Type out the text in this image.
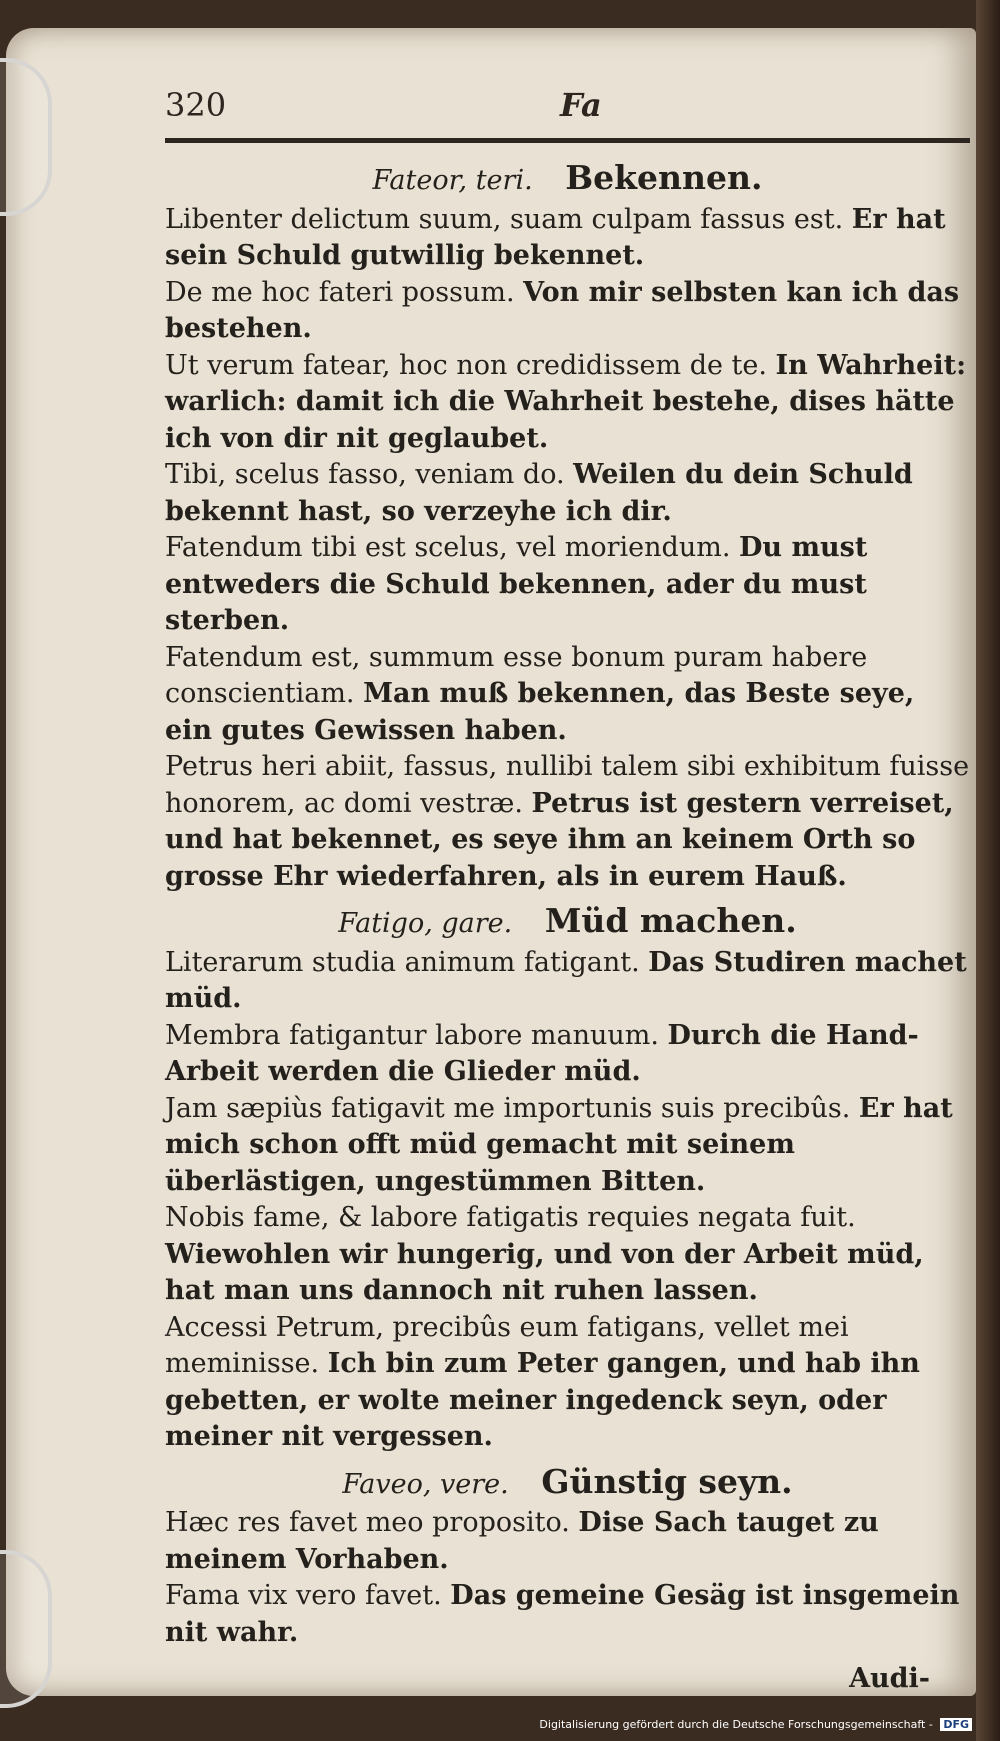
320	Fa
Fateor, teri. Bekennen.

Libenter delictum suum, suam culpam fassus est. Er hat sein Schuld gutwillig bekennet.

De me hoc fateri possum. Von mir selbsten kan ich das bestehen.

Ut verum fatear, hoc non credidissem de te. In Wahrheit: warlich: damit ich die Wahrheit bestehe, dises hätte ich von dir nit geglaubet.

Tibi, scelus fasso, veniam do. Weilen du dein Schuld bekennt hast, so verzeyhe ich dir.

Fatendum tibi est scelus, vel moriendum. Du must entweders die Schuld bekennen, ader du must sterben.

Fatendum est, summum esse bonum puram habere conscientiam. Man muß bekennen, das Beste seye, ein gutes Gewissen haben.

Petrus heri abiit, fassus, nullibi talem sibi exhibitum fuisse honorem, ac domi vestræ. Petrus ist gestern verreiset, und hat bekennet, es seye ihm an keinem Orth so grosse Ehr wiederfahren, als in eurem Hauß.

Fatigo, gare. Müd machen.

Literarum studia animum fatigant. Das Studiren machet müd.

Membra fatigantur labore manuum. Durch die Hand-Arbeit werden die Glieder müd.

Jam sæpiùs fatigavit me importunis suis precibûs. Er hat mich schon offt müd gemacht mit seinem überlästigen, ungestümmen Bitten.

Nobis fame, & labore fatigatis requies negata fuit. Wiewohlen wir hungerig, und von der Arbeit müd, hat man uns dannoch nit ruhen lassen.

Accessi Petrum, precibûs eum fatigans, vellet mei meminisse. Ich bin zum Peter gangen, und hab ihn gebetten, er wolte meiner ingedenck seyn, oder meiner nit vergessen.

Faveo, vere. Günstig seyn.

Hæc res favet meo proposito. Dise Sach tauget zu meinem Vorhaben.

Fama vix vero favet. Das gemeine Gesäg ist insgemein nit wahr.

Audi-
Digitalisierung gefördert durch die Deutsche Forschungsgemeinschaft - DFG
